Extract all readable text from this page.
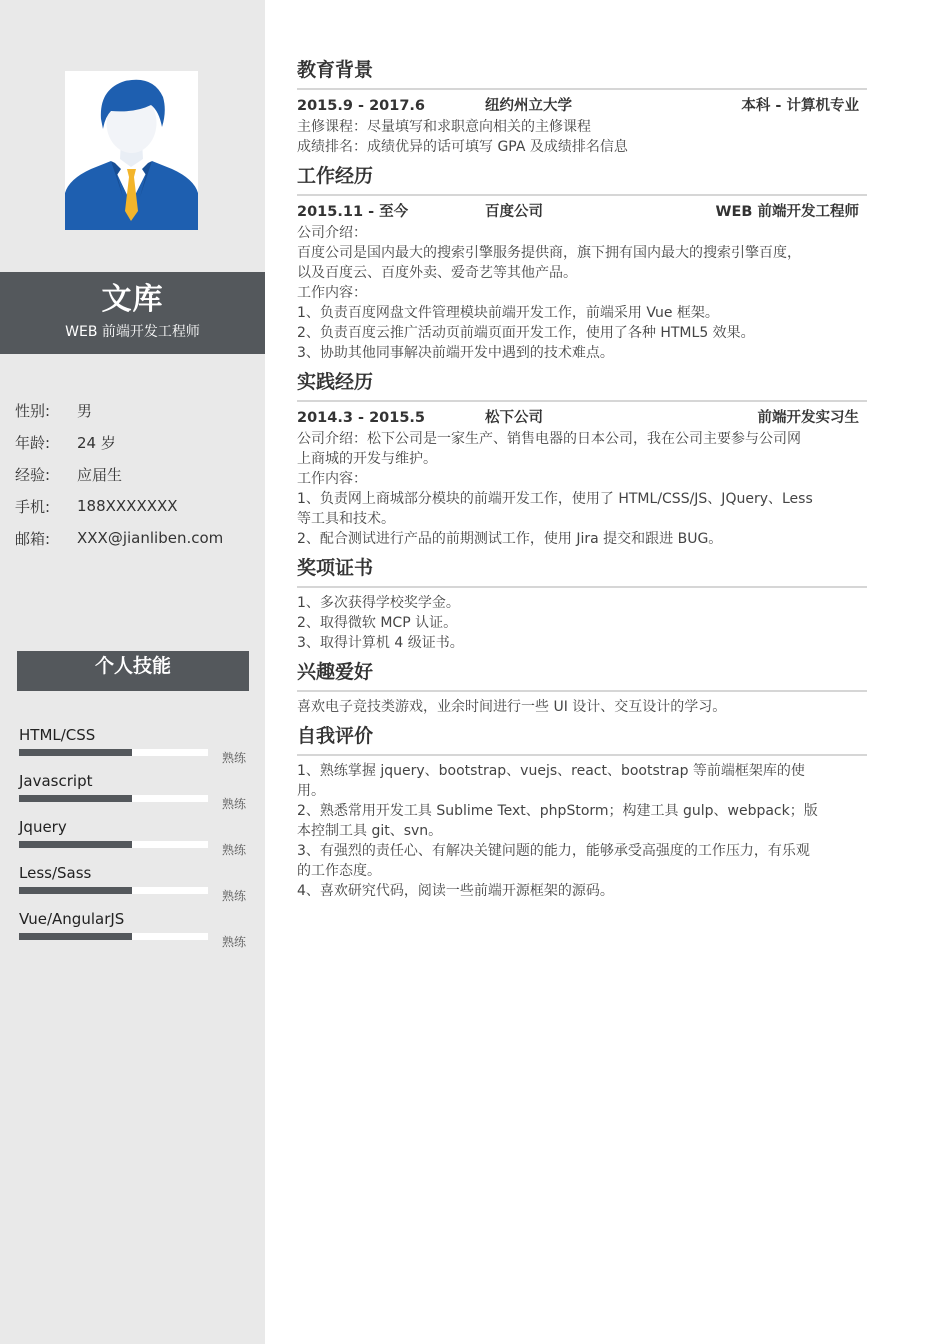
文库
WEB 前端开发工程师
性别:	男
年龄:	24 岁
经验:	应届生
手机:	188XXXXXXX
邮箱:	XXX@jianliben.com
个人技能
HTML/CSS
熟练
Javascript
熟练
Jquery
熟练
Less/Sass
熟练
Vue/AngularJS
熟练
教育背景
2015.9 - 2017.6	纽约州立大学	本科 - 计算机专业
主修课程：尽量填写和求职意向相关的主修课程
成绩排名：成绩优异的话可填写 GPA 及成绩排名信息
工作经历
2015.11 - 至今	百度公司	WEB 前端开发工程师
公司介绍：
百度公司是国内最大的搜索引擎服务提供商，旗下拥有国内最大的搜索引擎百度，
以及百度云、百度外卖、爱奇艺等其他产品。
工作内容：
1、负责百度网盘文件管理模块前端开发工作，前端采用 Vue 框架。
2、负责百度云推广活动页前端页面开发工作，使用了各种 HTML5 效果。
3、协助其他同事解决前端开发中遇到的技术难点。
实践经历
2014.3 - 2015.5	松下公司	前端开发实习生
公司介绍：松下公司是一家生产、销售电器的日本公司，我在公司主要参与公司网
上商城的开发与维护。
工作内容：
1、负责网上商城部分模块的前端开发工作，使用了 HTML/CSS/JS、JQuery、Less
等工具和技术。
2、配合测试进行产品的前期测试工作，使用 Jira 提交和跟进 BUG。
奖项证书
1、多次获得学校奖学金。
2、取得微软 MCP 认证。
3、取得计算机 4 级证书。
兴趣爱好
喜欢电子竞技类游戏，业余时间进行一些 UI 设计、交互设计的学习。
自我评价
1、熟练掌握 jquery、bootstrap、vuejs、react、bootstrap 等前端框架库的使
用。
2、熟悉常用开发工具 Sublime Text、phpStorm；构建工具 gulp、webpack；版
本控制工具 git、svn。
3、有强烈的责任心、有解决关键问题的能力，能够承受高强度的工作压力，有乐观
的工作态度。
4、喜欢研究代码，阅读一些前端开源框架的源码。
